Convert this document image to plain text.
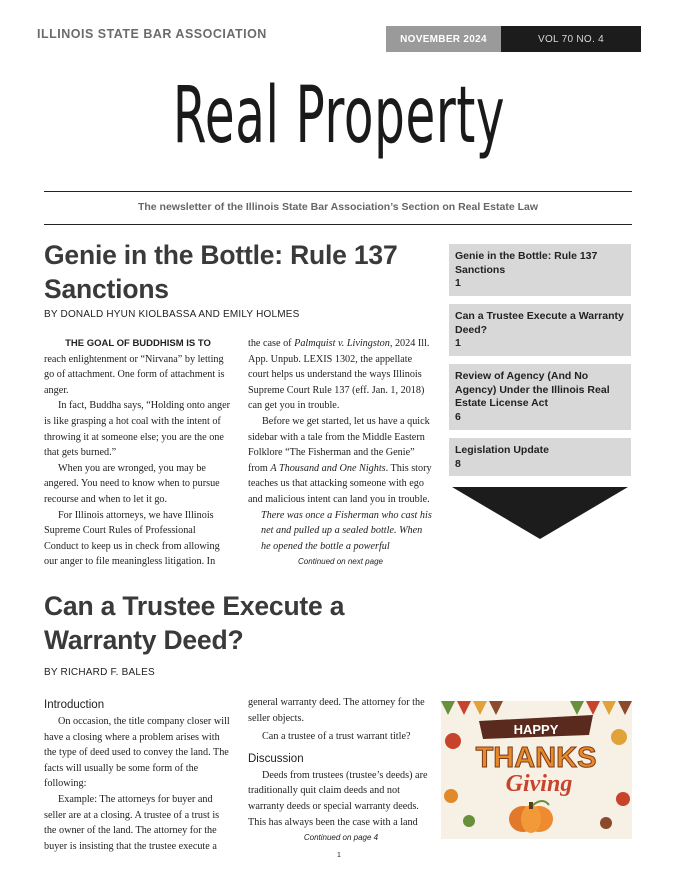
ILLINOIS STATE BAR ASSOCIATION	NOVEMBER 2024	VOL 70 NO. 4
Real Property
The newsletter of the Illinois State Bar Association’s Section on Real Estate Law
Genie in the Bottle: Rule 137
Sanctions
BY DONALD HYUN KIOLBASSA AND EMILY HOLMES

THE GOAL OF BUDDHISM IS TO

reach enlightenment or “Nirvana” by letting go of attachment. One form of attachment is anger.

In fact, Buddha says, “Holding onto anger is like grasping a hot coal with the intent of throwing it at someone else; you are the one that gets burned.”

When you are wronged, you may be angered. You need to know when to pursue recourse and when to let it go.

For Illinois attorneys, we have Illinois Supreme Court Rules of Professional Conduct to keep us in check from allowing our anger to file meaningless litigation. In

the case of Palmquist v. Livingston, 2024 Ill. App. Unpub. LEXIS 1302, the appellate court helps us understand the ways Illinois Supreme Court Rule 137 (eff. Jan. 1, 2018) can get you in trouble.

Before we get started, let us have a quick sidebar with a tale from the Middle Eastern Folklore “The Fisherman and the Genie” from A Thousand and One Nights. This story teaches us that attacking someone with ego and malicious intent can land you in trouble.

There was once a Fisherman who cast his net and pulled up a sealed bottle. When he opened the bottle a powerful

Continued on next page

Genie in the Bottle: Rule 137 Sanctions
1
Can a Trustee Execute a Warranty Deed?
1
Review of Agency (And No Agency) Under the Illinois Real Estate License Act
6
Legislation Update
8
Can a Trustee Execute a
Warranty Deed?
BY RICHARD F. BALES
Introduction

On occasion, the title company closer will have a closing where a problem arises with the type of deed used to convey the land. The facts will usually be some form of the following:

Example: The attorneys for buyer and seller are at a closing. A trustee of a trust is the owner of the land. The attorney for the buyer is insisting that the trustee execute a

general warranty deed. The attorney for the seller objects.

Can a trustee of a trust warrant title?

Discussion

Deeds from trustees (trustee’s deeds) are traditionally quit claim deeds and not warranty deeds or special warranty deeds. This has always been the case with a land

Continued on page 4

HAPPY
THANKS
Giving
1
